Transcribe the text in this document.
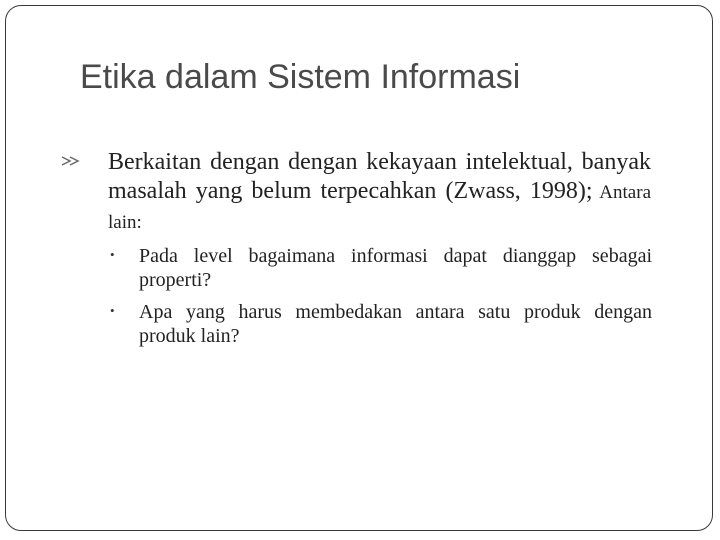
Etika dalam Sistem Informasi
Berkaitan dengan dengan kekayaan intelektual, banyak masalah yang belum terpecahkan (Zwass, 1998); Antara lain:
• Pada level bagaimana informasi dapat dianggap sebagai properti?
• Apa yang harus membedakan antara satu produk dengan produk lain?
